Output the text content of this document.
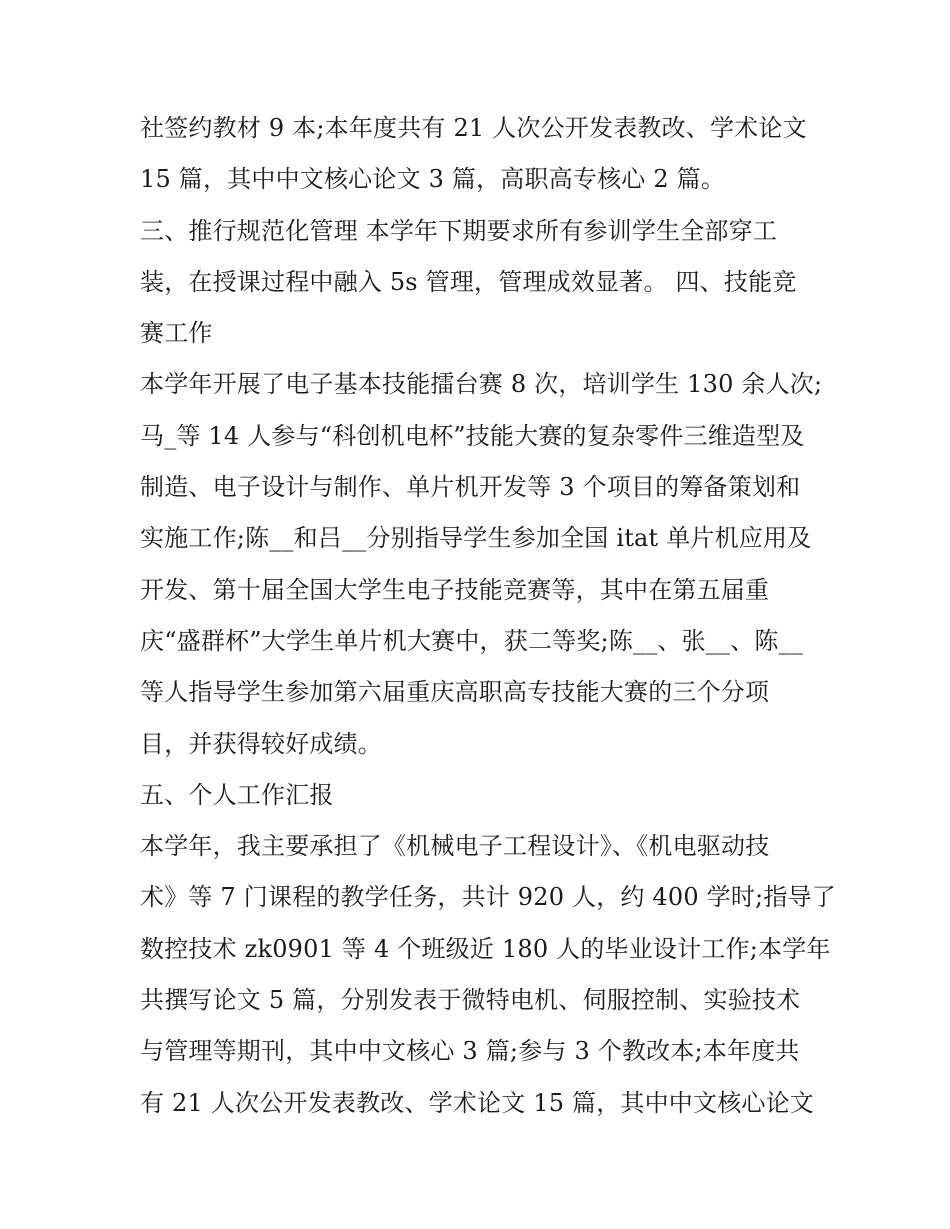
社签约教材 9 本;本年度共有 21 人次公开发表教改、学术论文
15 篇，其中中文核心论文 3 篇，高职高专核心 2 篇。
三、推行规范化管理 本学年下期要求所有参训学生全部穿工
装，在授课过程中融入 5s 管理，管理成效显著。 四、技能竞
赛工作
本学年开展了电子基本技能擂台赛 8 次，培训学生 130 余人次;
马_等 14 人参与“科创机电杯”技能大赛的复杂零件三维造型及
制造、电子设计与制作、单片机开发等 3 个项目的筹备策划和
实施工作;陈__和吕__分别指导学生参加全国 itat 单片机应用及
开发、第十届全国大学生电子技能竞赛等，其中在第五届重
庆“盛群杯”大学生单片机大赛中，获二等奖;陈__、张__、陈__
等人指导学生参加第六届重庆高职高专技能大赛的三个分项
目，并获得较好成绩。
五、个人工作汇报
本学年，我主要承担了《机械电子工程设计》、《机电驱动技
术》等 7 门课程的教学任务，共计 920 人，约 400 学时;指导了
数控技术 zk0901 等 4 个班级近 180 人的毕业设计工作;本学年
共撰写论文 5 篇，分别发表于微特电机、伺服控制、实验技术
与管理等期刊，其中中文核心 3 篇;参与 3 个教改本;本年度共
有 21 人次公开发表教改、学术论文 15 篇，其中中文核心论文
